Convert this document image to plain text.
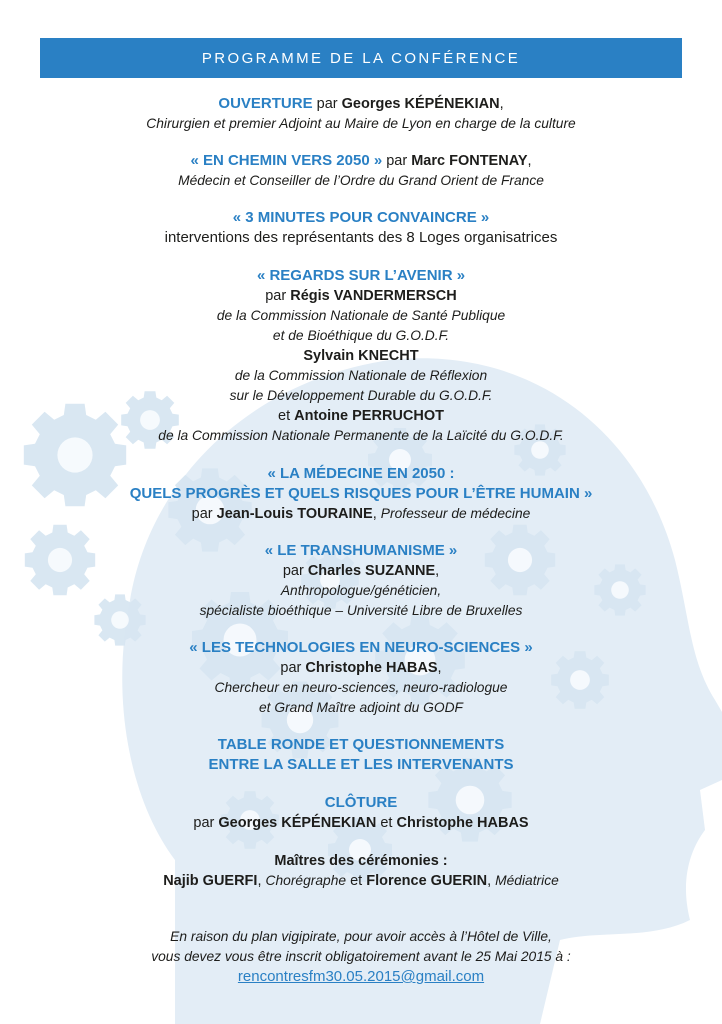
PROGRAMME DE LA CONFÉRENCE
OUVERTURE par Georges KÉPÉNEKIAN,
Chirurgien et premier Adjoint au Maire de Lyon en charge de la culture
« EN CHEMIN VERS 2050 » par Marc FONTENAY,
Médecin et Conseiller de l’Ordre du Grand Orient de France
« 3 MINUTES POUR CONVAINCRE »
interventions des représentants des 8 Loges organisatrices
« REGARDS SUR L’AVENIR »
par Régis VANDERMERSCH
de la Commission Nationale de Santé Publique
et de Bioéthique du G.O.D.F.
Sylvain KNECHT
de la Commission Nationale de Réflexion
sur le Développement Durable du G.O.D.F.
et Antoine PERRUCHOT
de la Commission Nationale Permanente de la Laïcité du G.O.D.F.
« LA MÉDECINE EN 2050 :
QUELS PROGRÈS ET QUELS RISQUES POUR L’ÊTRE HUMAIN »
par Jean-Louis TOURAINE, Professeur de médecine
« LE TRANSHUMANISME »
par Charles SUZANNE,
Anthropologue/généticien,
spécialiste bioéthique – Université Libre de Bruxelles
« LES TECHNOLOGIES EN NEURO-SCIENCES »
par Christophe HABAS,
Chercheur en neuro-sciences, neuro-radiologue
et Grand Maître adjoint du GODF
TABLE RONDE ET QUESTIONNEMENTS
ENTRE LA SALLE ET LES INTERVENANTS
CLÔTURE
par Georges KÉPÉNEKIAN et Christophe HABAS
Maîtres des cérémonies :
Najib GUERFI, Chorégraphe et Florence GUERIN, Médiatrice
En raison du plan vigipirate, pour avoir accès à l’Hôtel de Ville,
vous devez vous être inscrit obligatoirement avant le 25 Mai 2015 à :
rencontresfm30.05.2015@gmail.com
